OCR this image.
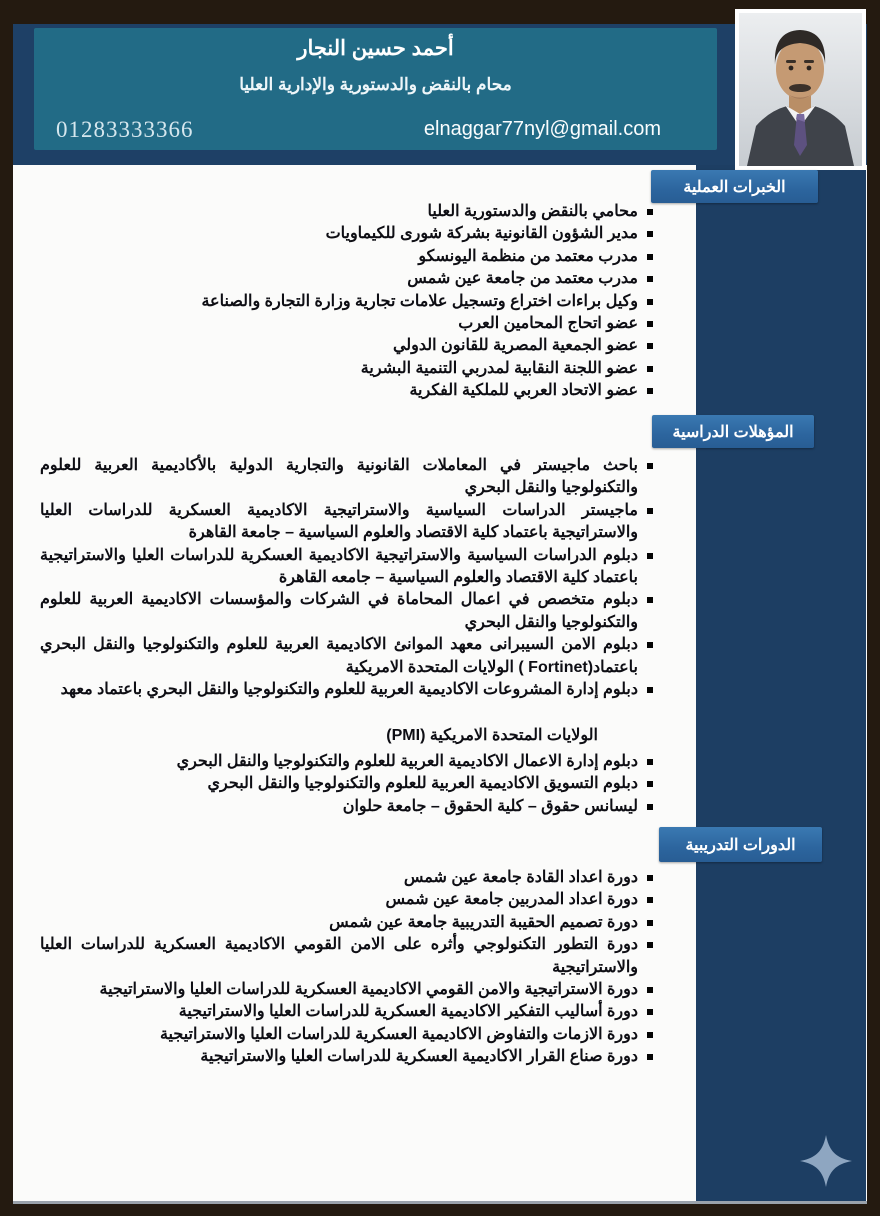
أحمد حسين النجار
محام بالنقض والدستورية والإدارية العليا
01283333366	elnaggar77nyl@gmail.com
الخبرات العملية
محامي بالنقض والدستورية العليا
مدير الشؤون القانونية بشركة شورى للكيماويات
مدرب معتمد من منظمة اليونسكو
مدرب معتمد من جامعة عين شمس
وكيل براءات اختراع وتسجيل علامات تجارية وزارة التجارة والصناعة
عضو اتحاج المحامين العرب
عضو الجمعية المصرية للقانون الدولي
عضو اللجنة النقابية لمدربي التنمية البشرية
عضو الاتحاد العربي للملكية الفكرية
المؤهلات الدراسية
باحث ماجيستر في المعاملات القانونية والتجارية الدولية بالأكاديمية العربية للعلوم والتكنولوجيا والنقل البحري
ماجيستر الدراسات السياسية والاستراتيجية الاكاديمية العسكرية للدراسات العليا والاستراتيجية باعتماد كلية الاقتصاد والعلوم السياسية – جامعة القاهرة
دبلوم الدراسات السياسية والاستراتيجية الاكاديمية العسكرية للدراسات العليا والاستراتيجية باعتماد كلية الاقتصاد والعلوم السياسية – جامعه القاهرة
دبلوم متخصص في اعمال المحاماة في الشركات والمؤسسات الاكاديمية العربية للعلوم والتكنولوجيا والنقل البحري
دبلوم الامن السيبرانى معهد الموانئ الاكاديمية العربية للعلوم والتكنولوجيا والنقل البحري باعتماد(Fortinet ) الولايات المتحدة الامريكية
دبلوم إدارة المشروعات الاكاديمية العربية للعلوم والتكنولوجيا والنقل البحري باعتماد معهد
الولايات المتحدة الامريكية (PMI)
دبلوم إدارة الاعمال الاكاديمية العربية للعلوم والتكنولوجيا والنقل البحري
دبلوم التسويق الاكاديمية العربية للعلوم والتكنولوجيا والنقل البحري
ليسانس حقوق – كلية الحقوق – جامعة حلوان
الدورات التدريبية
دورة اعداد القادة جامعة عين شمس
دورة اعداد المدربين جامعة عين شمس
دورة تصميم الحقيبة التدريبية جامعة عين شمس
دورة التطور التكنولوجي وأثره على الامن القومي الاكاديمية العسكرية للدراسات العليا والاستراتيجية
دورة الاستراتيجية والامن القومي الاكاديمية العسكرية للدراسات العليا والاستراتيجية
دورة أساليب التفكير الاكاديمية العسكرية للدراسات العليا والاستراتيجية
دورة الازمات والتفاوض الاكاديمية العسكرية للدراسات العليا والاستراتيجية
دورة صناع القرار الاكاديمية العسكرية للدراسات العليا والاستراتيجية
